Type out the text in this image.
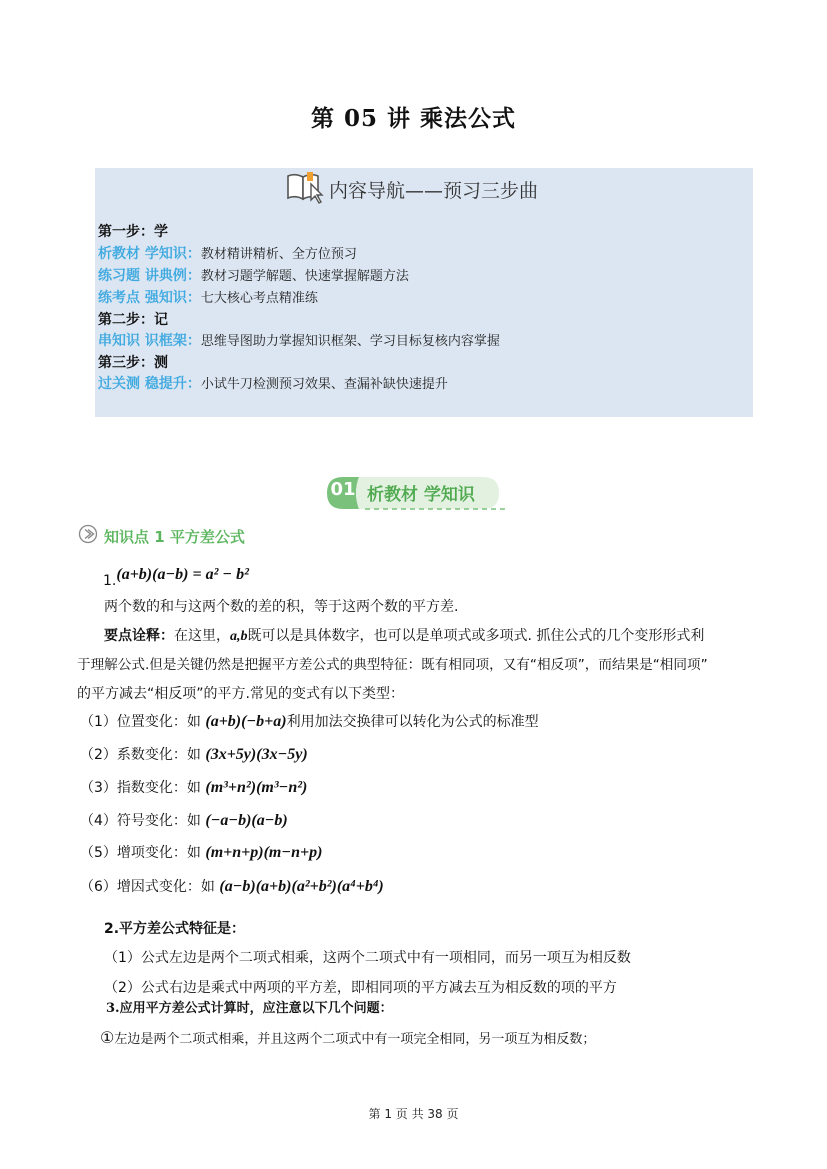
第 05 讲 乘法公式
内容导航——预习三步曲
第一步：学
析教材 学知识：教材精讲精析、全方位预习
练习题 讲典例：教材习题学解题、快速掌握解题方法
练考点 强知识：七大核心考点精准练
第二步：记
串知识 识框架：思维导图助力掌握知识框架、学习目标复核内容掌握
第三步：测
过关测 稳提升：小试牛刀检测预习效果、查漏补缺快速提升
01 析教材 学知识
知识点 1 平方差公式
1.(a+b)(a−b) = a² − b²
两个数的和与这两个数的差的积，等于这两个数的平方差.
要点诠释：在这里，a,b既可以是具体数字，也可以是单项式或多项式. 抓住公式的几个变形形式利
于理解公式.但是关键仍然是把握平方差公式的典型特征：既有相同项，又有“相反项”，而结果是“相同项”
的平方减去“相反项”的平方.常见的变式有以下类型：
（1）位置变化：如 (a+b)(−b+a)利用加法交换律可以转化为公式的标准型
（2）系数变化：如 (3x+5y)(3x−5y)
（3）指数变化：如 (m³+n²)(m³−n²)
（4）符号变化：如 (−a−b)(a−b)
（5）增项变化：如 (m+n+p)(m−n+p)
（6）增因式变化：如 (a−b)(a+b)(a²+b²)(a⁴+b⁴)
2.平方差公式特征是：
（1）公式左边是两个二项式相乘，这两个二项式中有一项相同，而另一项互为相反数
（2）公式右边是乘式中两项的平方差，即相同项的平方减去互为相反数的项的平方
3.应用平方差公式计算时，应注意以下几个问题：
①左边是两个二项式相乘，并且这两个二项式中有一项完全相同，另一项互为相反数；
第 1 页 共 38 页
